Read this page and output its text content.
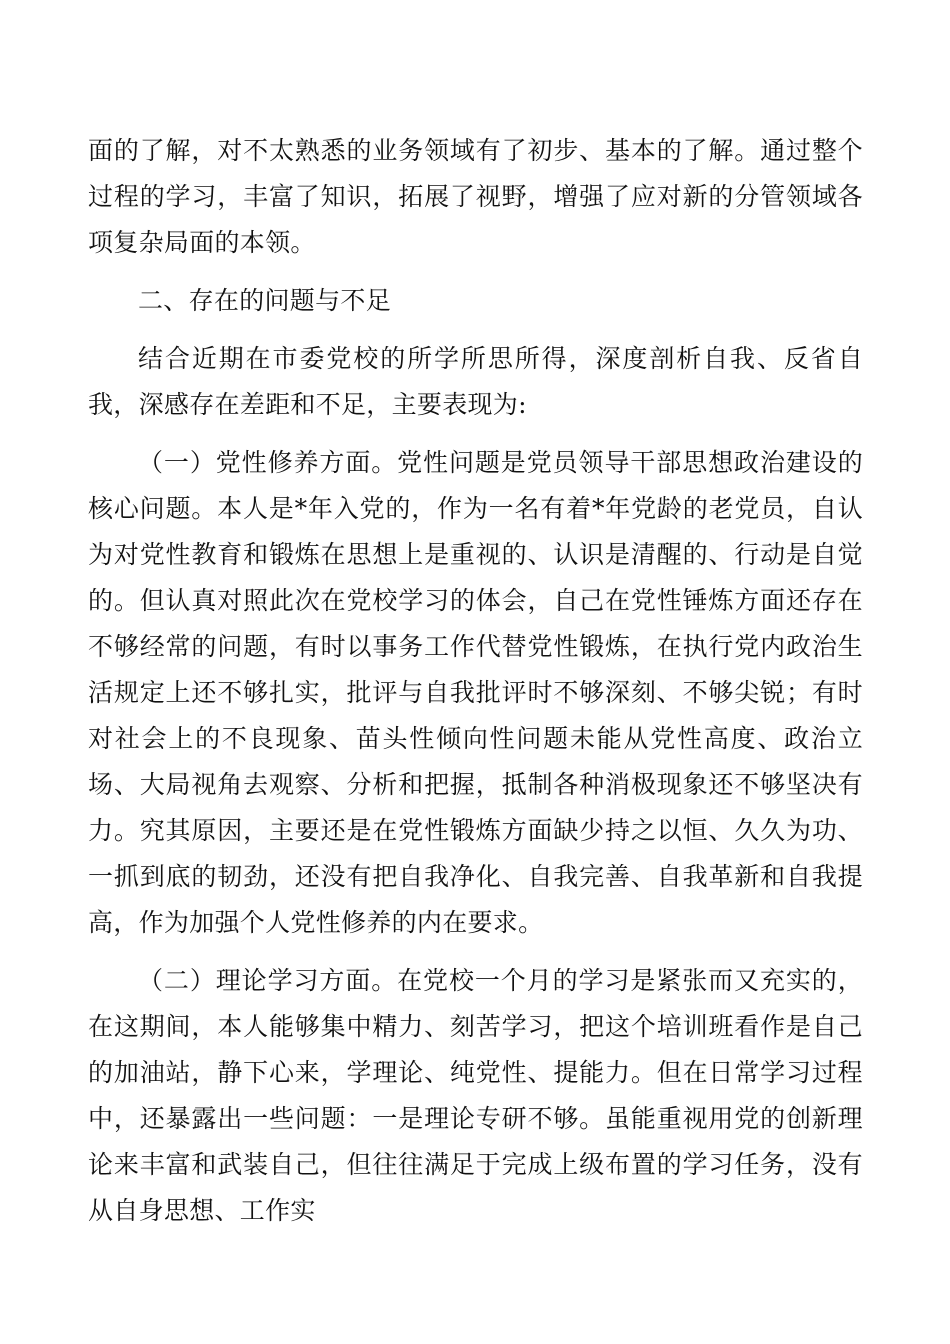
面的了解，对不太熟悉的业务领域有了初步、基本的了解。通过整个过程的学习，丰富了知识，拓展了视野，增强了应对新的分管领域各项复杂局面的本领。

二、存在的问题与不足

结合近期在市委党校的所学所思所得，深度剖析自我、反省自我，深感存在差距和不足，主要表现为:

（一）党性修养方面。党性问题是党员领导干部思想政治建设的核心问题。本人是*年入党的，作为一名有着*年党龄的老党员，自认为对党性教育和锻炼在思想上是重视的、认识是清醒的、行动是自觉的。但认真对照此次在党校学习的体会，自己在党性锤炼方面还存在不够经常的问题，有时以事务工作代替党性锻炼，在执行党内政治生活规定上还不够扎实，批评与自我批评时不够深刻、不够尖锐；有时对社会上的不良现象、苗头性倾向性问题未能从党性高度、政治立场、大局视角去观察、分析和把握，抵制各种消极现象还不够坚决有力。究其原因，主要还是在党性锻炼方面缺少持之以恒、久久为功、一抓到底的韧劲，还没有把自我净化、自我完善、自我革新和自我提高，作为加强个人党性修养的内在要求。

（二）理论学习方面。在党校一个月的学习是紧张而又充实的，在这期间，本人能够集中精力、刻苦学习，把这个培训班看作是自己的加油站，静下心来，学理论、纯党性、提能力。但在日常学习过程中，还暴露出一些问题：一是理论专研不够。虽能重视用党的创新理论来丰富和武装自己，但往往满足于完成上级布置的学习任务，没有从自身思想、工作实
